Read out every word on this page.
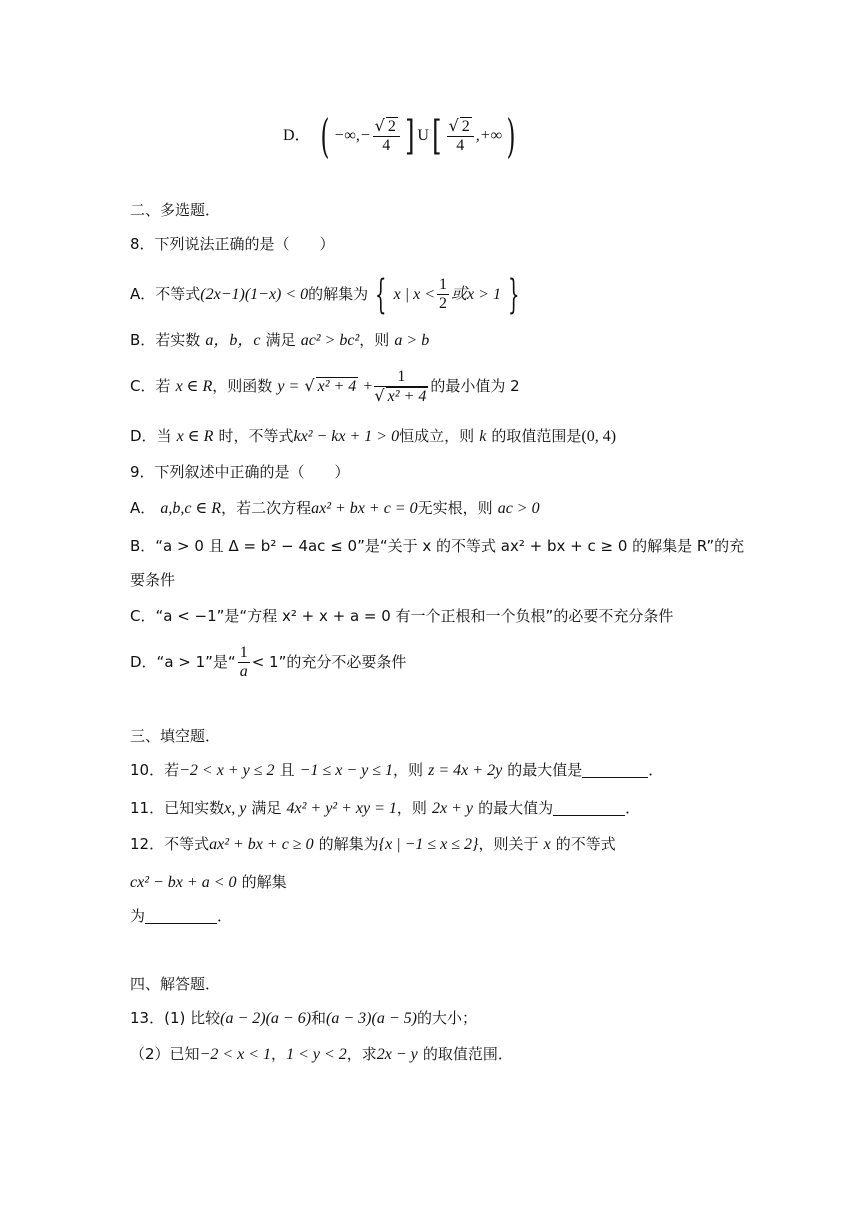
D． ( −∞,− $\frac{√ 2}{4}$ ] $U[ \frac{√ 2}{4}$ ,+∞)
二、多选题．
8．下列说法正确的是（　　）
A．不等式(2x−1)(1−x) < 0的解集为 { x | $x < \frac{1}{2}$ 或x > 1 }
B．若实数 a，b，c 满足 ac² > bc²，则 a > b
C．若 x ∈ R，则函数 y = √ $x^2 + 4 + \frac{1}{\text{√ x² + 4}}$ 的最小值为 2
D．当 x ∈ R 时，不等式kx² − kx + 1 > 0恒成立，则 k 的取值范围是(0, 4)
9．下列叙述中正确的是（　　）
A． a,b,c ∈ R，若二次方程ax² + bx + c = 0无实根，则 ac > 0
B．“a > 0 且 Δ = b² − 4ac ≤ 0”是“关于 x 的不等式 ax² + bx + c ≥ 0 的解集是 R”的充
要条件
C．“a < −1”是“方程 x² + x + a = 0 有一个正根和一个负根”的必要不充分条件
D．“a > 1”是“ $\frac{1}{a} < 1$”的充分不必要条件
三、填空题．
10．若−2 < x + y ≤ 2 且 −1 ≤ x − y ≤ 1，则 z = 4x + 2y 的最大值是	．
11．已知实数x, y 满足 4x² + y² + xy = 1，则 2x + y 的最大值为	．
12．不等式ax² + bx + c ≥ 0 的解集为{x | −1 ≤ x ≤ 2}，则关于 x 的不等式
cx² − bx + a < 0 的解集
为	．
四、解答题．
13．(1) 比较(a − 2)(a − 6)和(a − 3)(a − 5)的大小；
（2）已知−2 < x < 1，1 < y < 2，求2x − y 的取值范围．
